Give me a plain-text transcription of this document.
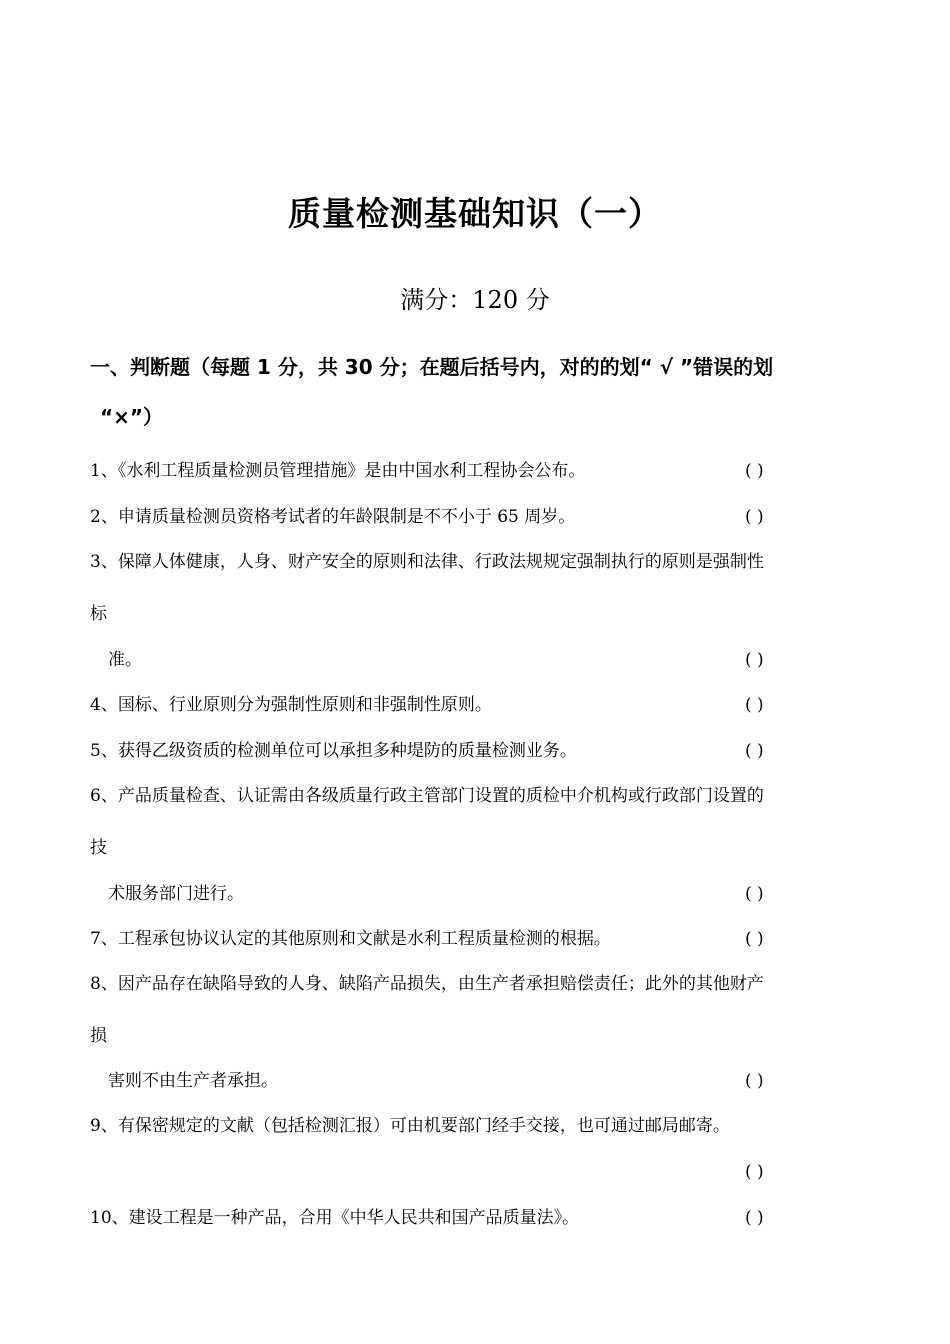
质量检测基础知识（一）
满分：120 分
一、判断题（每题 1 分，共 30 分；在题后括号内，对的的划“ √ ”错误的划
“×”）
1、《水利工程质量检测员管理措施》是由中国水利工程协会公布。	( )
2、申请质量检测员资格考试者的年龄限制是不不小于 65 周岁。	( )
3、保障人体健康，人身、财产安全的原则和法律、行政法规规定强制执行的原则是强制性
标
准。	( )
4、国标、行业原则分为强制性原则和非强制性原则。	( )
5、获得乙级资质的检测单位可以承担多种堤防的质量检测业务。	( )
6、产品质量检查、认证需由各级质量行政主管部门设置的质检中介机构或行政部门设置的
技
术服务部门进行。	( )
7、工程承包协议认定的其他原则和文献是水利工程质量检测的根据。	( )
8、因产品存在缺陷导致的人身、缺陷产品损失，由生产者承担赔偿责任；此外的其他财产
损
害则不由生产者承担。	( )
9、有保密规定的文献（包括检测汇报）可由机要部门经手交接，也可通过邮局邮寄。
( )
10、建设工程是一种产品，合用《中华人民共和国产品质量法》。	( )
